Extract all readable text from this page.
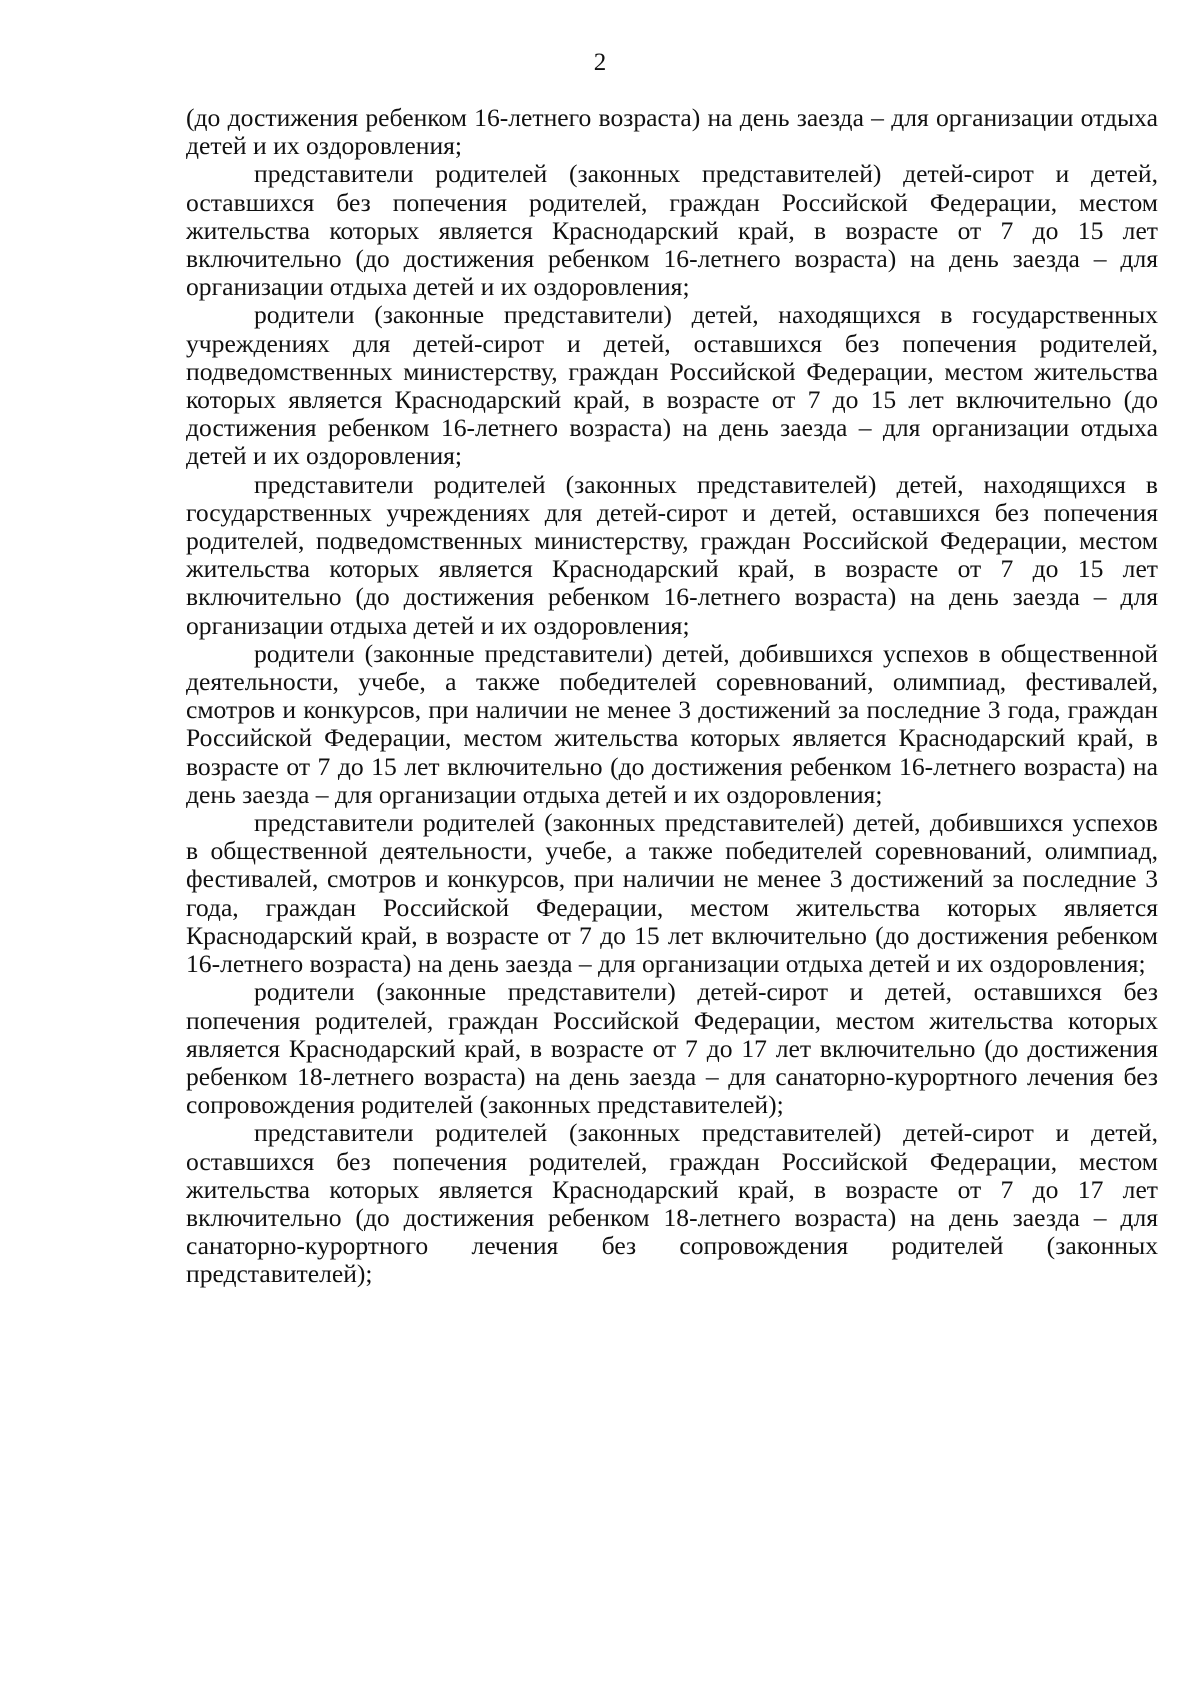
2

(до достижения ребенком 16-летнего возраста) на день заезда – для организации отдыха детей и их оздоровления;

представители родителей (законных представителей) детей-сирот и детей, оставшихся без попечения родителей, граждан Российской Федерации, местом жительства которых является Краснодарский край, в возрасте от 7 до 15 лет включительно (до достижения ребенком 16-летнего возраста) на день заезда – для организации отдыха детей и их оздоровления;

родители (законные представители) детей, находящихся в государственных учреждениях для детей-сирот и детей, оставшихся без попечения родителей, подведомственных министерству, граждан Российской Федерации, местом жительства которых является Краснодарский край, в возрасте от 7 до 15 лет включительно (до достижения ребенком 16-летнего возраста) на день заезда – для организации отдыха детей и их оздоровления;

представители родителей (законных представителей) детей, находящихся в государственных учреждениях для детей-сирот и детей, оставшихся без попечения родителей, подведомственных министерству, граждан Российской Федерации, местом жительства которых является Краснодарский край, в возрасте от 7 до 15 лет включительно (до достижения ребенком 16-летнего возраста) на день заезда – для организации отдыха детей и их оздоровления;

родители (законные представители) детей, добившихся успехов в общественной деятельности, учебе, а также победителей соревнований, олимпиад, фестивалей, смотров и конкурсов, при наличии не менее 3 достижений за последние 3 года, граждан Российской Федерации, местом жительства которых является Краснодарский край, в возрасте от 7 до 15 лет включительно (до достижения ребенком 16-летнего возраста) на день заезда – для организации отдыха детей и их оздоровления;

представители родителей (законных представителей) детей, добившихся успехов в общественной деятельности, учебе, а также победителей соревнований, олимпиад, фестивалей, смотров и конкурсов, при наличии не менее 3 достижений за последние 3 года, граждан Российской Федерации, местом жительства которых является Краснодарский край, в возрасте от 7 до 15 лет включительно (до достижения ребенком 16-летнего возраста) на день заезда – для организации отдыха детей и их оздоровления;

родители (законные представители) детей-сирот и детей, оставшихся без попечения родителей, граждан Российской Федерации, местом жительства которых является Краснодарский край, в возрасте от 7 до 17 лет включительно (до достижения ребенком 18-летнего возраста) на день заезда – для санаторно-курортного лечения без сопровождения родителей (законных представителей);

представители родителей (законных представителей) детей-сирот и детей, оставшихся без попечения родителей, граждан Российской Федерации, местом жительства которых является Краснодарский край, в возрасте от 7 до 17 лет включительно (до достижения ребенком 18-летнего возраста) на день заезда – для санаторно-курортного лечения без сопровождения родителей (законных представителей);
